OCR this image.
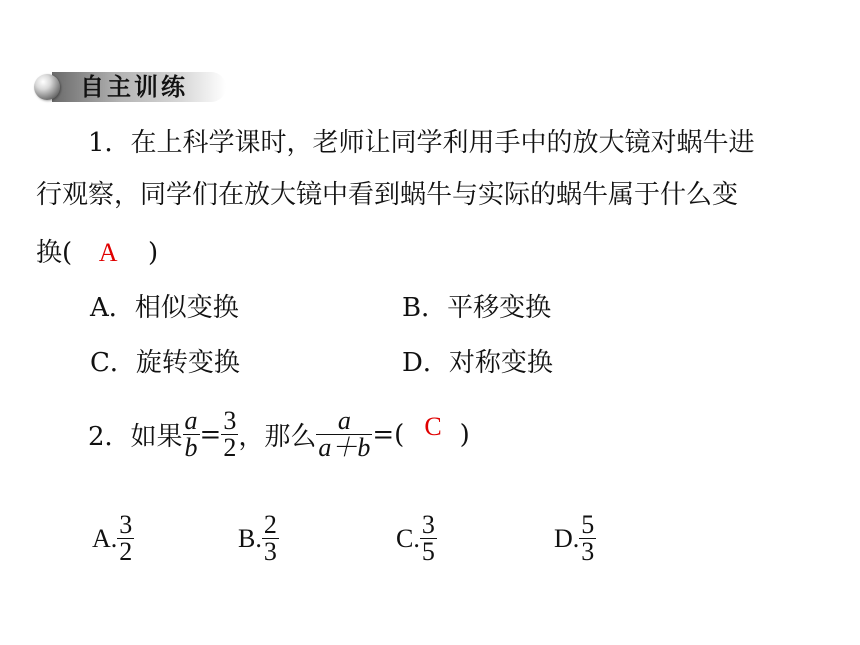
自主训练
1．在上科学课时，老师让同学利用手中的放大镜对蜗牛进
行观察，同学们在放大镜中看到蜗牛与实际的蜗牛属于什么变
换( A )
A．相似变换	B．平移变换
C．旋转变换	D．对称变换
2．如果 $\frac{a}{b} = \frac{3}{2}$ ，那么 $\frac{a}{a+b}$ =( C )
A. $\frac{3}{2}$	B. $\frac{2}{3}$	C. $\frac{3}{5}$	D. $\frac{5}{3}$
